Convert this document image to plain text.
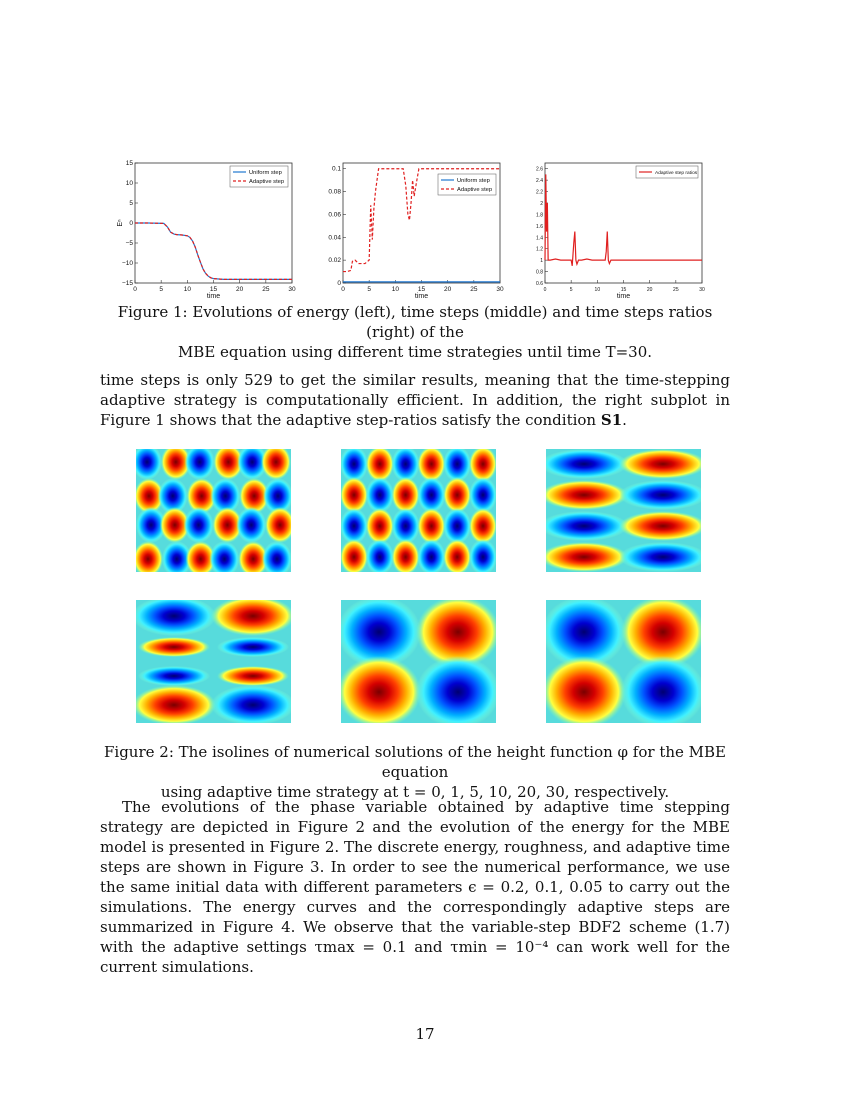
0	5	10	15	20	25	30
15
10
5
0
−5
−10
−15
time
Eⁿ
Uniform step
Adaptive step
0	5	10	15	20	25	30
0.1
0.08
0.06
0.04
0.02
0
time
Uniform step
Adaptive step
0	5	10	15	20	25	30
2.6
2.4
2.2
2
1.8
1.6
1.4
1.2
1
0.8
0.6
time
Adaptive step ratios
Figure 1: Evolutions of energy (left), time steps (middle) and time steps ratios (right) of the
MBE equation using different time strategies until time T=30.

time steps is only 529 to get the similar results, meaning that the time-stepping adaptive strategy is computationally efficient. In addition, the right subplot in Figure 1 shows that the adaptive step-ratios satisfy the condition S1.

Figure 2: The isolines of numerical solutions of the height function φ for the MBE equation
using adaptive time strategy at t = 0, 1, 5, 10, 20, 30, respectively.

The evolutions of the phase variable obtained by adaptive time stepping strategy are depicted in Figure 2 and the evolution of the energy for the MBE model is presented in Figure 2. The discrete energy, roughness, and adaptive time steps are shown in Figure 3. In order to see the numerical performance, we use the same initial data with different parameters ϵ = 0.2, 0.1, 0.05 to carry out the simulations. The energy curves and the correspondingly adaptive steps are summarized in Figure 4. We observe that the variable-step BDF2 scheme (1.7) with the adaptive settings τmax = 0.1 and τmin = 10⁻⁴ can work well for the current simulations.

17
